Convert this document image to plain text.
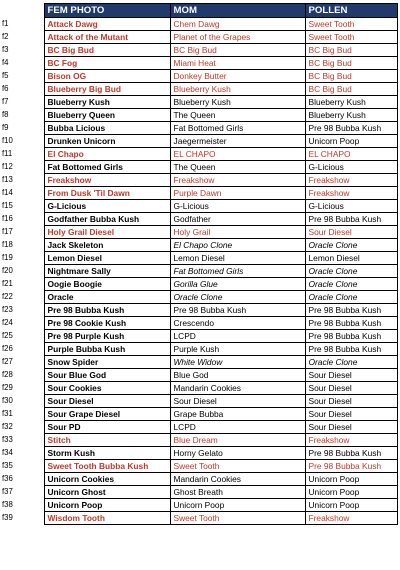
	FEM PHOTO	MOM	POLLEN
f1	Attack Dawg	Chem Dawg	Sweet Tooth
f2	Attack of the Mutant	Planet of the Grapes	Sweet Tooth
f3	BC Big Bud	BC Big Bud	BC Big Bud
f4	BC Fog	Miami Heat	BC Big Bud
f5	Bison OG	Donkey Butter	BC Big Bud
f6	Blueberry Big Bud	Blueberry Kush	BC Big Bud
f7	Blueberry Kush	Blueberry Kush	Blueberry Kush
f8	Blueberry Queen	The Queen	Blueberry Kush
f9	Bubba Licious	Fat Bottomed Girls	Pre 98 Bubba Kush
f10	Drunken Unicorn	Jaegermeister	Unicorn Poop
f11	El Chapo	EL CHAPO	EL CHAPO
f12	Fat Bottomed Girls	The Queen	G-Licious
f13	Freakshow	Freakshow	Freakshow
f14	From Dusk 'Til Dawn	Purple Dawn	Freakshow
f15	G-Licious	G-Licious	G-Licious
f16	Godfather Bubba Kush	Godfather	Pre 98 Bubba Kush
f17	Holy Grail Diesel	Holy Grail	Sour Diesel
f18	Jack Skeleton	El Chapo Clone	Oracle Clone
f19	Lemon Diesel	Lemon Diesel	Lemon Diesel
f20	Nightmare Sally	Fat Bottomed Girls	Oracle Clone
f21	Oogie Boogie	Gorilla Glue	Oracle Clone
f22	Oracle	Oracle Clone	Oracle Clone
f23	Pre 98 Bubba Kush	Pre 98 Bubba Kush	Pre 98 Bubba Kush
f24	Pre 98 Cookie Kush	Crescendo	Pre 98 Bubba Kush
f25	Pre 98 Purple Kush	LCPD	Pre 98 Bubba Kush
f26	Purple Bubba Kush	Purple Kush	Pre 98 Bubba Kush
f27	Snow Spider	White Widow	Oracle Clone
f28	Sour Blue God	Blue God	Sour Diesel
f29	Sour Cookies	Mandarin Cookies	Sour Diesel
f30	Sour Diesel	Sour Diesel	Sour Diesel
f31	Sour Grape Diesel	Grape Bubba	Sour Diesel
f32	Sour PD	LCPD	Sour Diesel
f33	Stitch	Blue Dream	Freakshow
f34	Storm Kush	Horny Gelato	Pre 98 Bubba Kush
f35	Sweet Tooth Bubba Kush	Sweet Tooth	Pre 98 Bubba Kush
f36	Unicorn Cookies	Mandarin Cookies	Unicorn Poop
f37	Unicorn Ghost	Ghost Breath	Unicorn Poop
f38	Unicorn Poop	Unicorn Poop	Unicorn Poop
f39	Wisdom Tooth	Sweet Tooth	Freakshow
